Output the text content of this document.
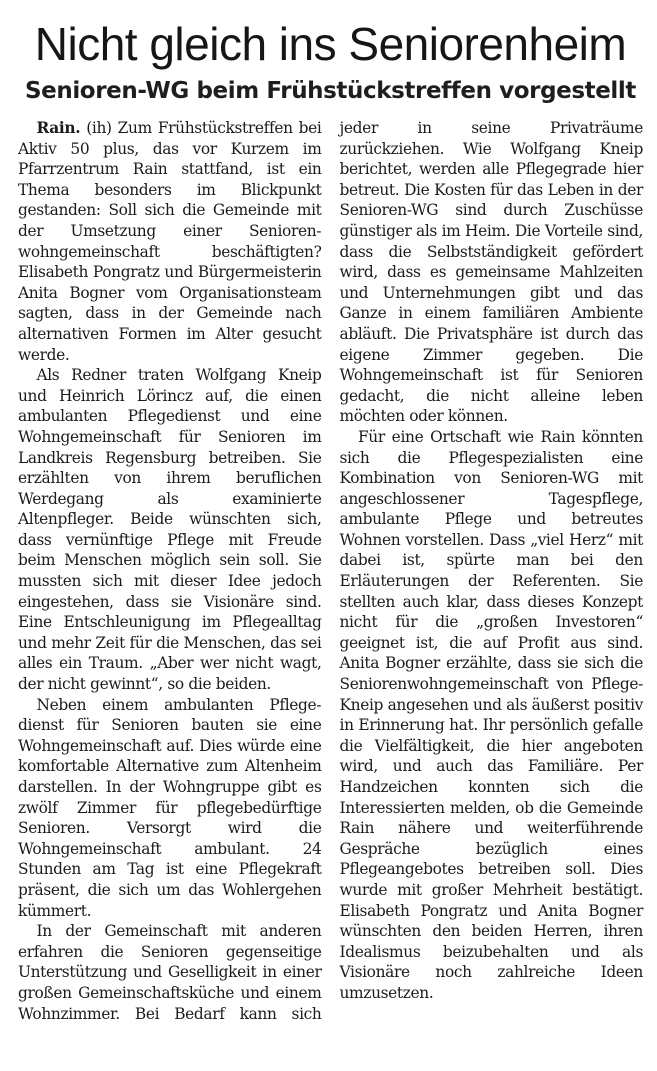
Nicht gleich ins Seniorenheim
Senioren-WG beim Frühstückstreffen vorgestellt

Rain. (ih) Zum Frühstückstreffen bei Aktiv 50 plus, das vor Kurzem im Pfarrzentrum Rain stattfand, ist ein Thema besonders im Blickpunkt gestanden: Soll sich die Gemeinde mit der Umsetzung einer Seniorenwohngemeinschaft beschäftigten? Elisabeth Pongratz und Bürgermeisterin Anita Bogner vom Organisationsteam sagten, dass in der Gemeinde nach alternativen Formen im Alter gesucht werde.

Als Redner traten Wolfgang Kneip und Heinrich Lörincz auf, die einen ambulanten Pflegedienst und eine Wohngemeinschaft für Senioren im Landkreis Regensburg betreiben. Sie erzählten von ihrem beruflichen Werdegang als examinierte Altenpfleger. Beide wünschten sich, dass vernünftige Pflege mit Freude beim Menschen möglich sein soll. Sie mussten sich mit dieser Idee jedoch eingestehen, dass sie Visionäre sind. Eine Entschleunigung im Pflegealltag und mehr Zeit für die Menschen, das sei alles ein Traum. „Aber wer nicht wagt, der nicht gewinnt“, so die beiden.

Neben einem ambulanten Pflegedienst für Senioren bauten sie eine Wohngemeinschaft auf. Dies würde eine komfortable Alternative zum Altenheim darstellen. In der Wohngruppe gibt es zwölf Zimmer für pflegebedürftige Senioren. Versorgt wird die Wohngemeinschaft ambulant. 24 Stunden am Tag ist eine Pflegekraft präsent, die sich um das Wohlergehen kümmert.

In der Gemeinschaft mit anderen erfahren die Senioren gegenseitige Unterstützung und Geselligkeit in einer großen Gemeinschaftsküche und einem Wohnzimmer. Bei Bedarf kann sich jeder in seine Privaträume zurückziehen. Wie Wolfgang Kneip berichtet, werden alle Pflegegrade hier betreut. Die Kosten für das Leben in der Senioren-WG sind durch Zuschüsse günstiger als im Heim. Die Vorteile sind, dass die Selbstständigkeit gefördert wird, dass es gemeinsame Mahlzeiten und Unternehmungen gibt und das Ganze in einem familiären Ambiente abläuft. Die Privatsphäre ist durch das eigene Zimmer gegeben. Die Wohngemeinschaft ist für Senioren gedacht, die nicht alleine leben möchten oder können.

Für eine Ortschaft wie Rain könnten sich die Pflegespezialisten eine Kombination von Senioren-WG mit angeschlossener Tagespflege, ambulante Pflege und betreutes Wohnen vorstellen. Dass „viel Herz“ mit dabei ist, spürte man bei den Erläuterungen der Referenten. Sie stellten auch klar, dass dieses Konzept nicht für die „großen Investoren“ geeignet ist, die auf Profit aus sind. Anita Bogner erzählte, dass sie sich die Seniorenwohngemeinschaft von Pflege-Kneip angesehen und als äußerst positiv in Erinnerung hat. Ihr persönlich gefalle die Vielfältigkeit, die hier angeboten wird, und auch das Familiäre. Per Handzeichen konnten sich die Interessierten melden, ob die Gemeinde Rain nähere und weiterführende Gespräche bezüglich eines Pflegeangebotes betreiben soll. Dies wurde mit großer Mehrheit bestätigt. Elisabeth Pongratz und Anita Bogner wünschten den beiden Herren, ihren Idealismus beizubehalten und als Visionäre noch zahlreiche Ideen umzusetzen.
